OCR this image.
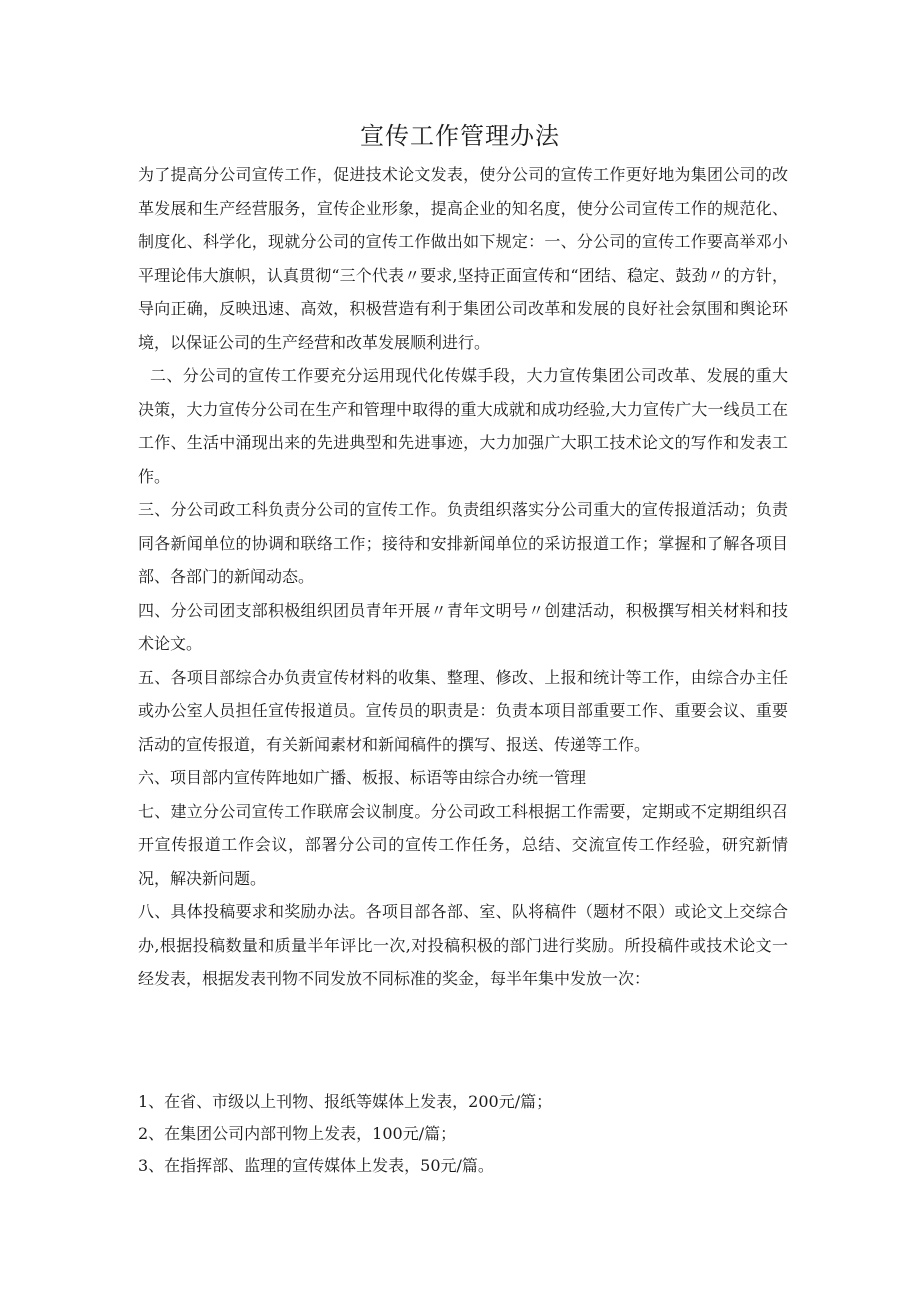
宣传工作管理办法

为了提高分公司宣传工作，促进技术论文发表，使分公司的宣传工作更好地为集团公司的改革发展和生产经营服务，宣传企业形象，提高企业的知名度，使分公司宣传工作的规范化、制度化、科学化，现就分公司的宣传工作做出如下规定：一、分公司的宣传工作要高举邓小平理论伟大旗帜，认真贯彻“三个代表〃要求,坚持正面宣传和“团结、稳定、鼓劲〃的方针，导向正确，反映迅速、高效，积极营造有利于集团公司改革和发展的良好社会氛围和舆论环境，以保证公司的生产经营和改革发展顺利进行。

二、分公司的宣传工作要充分运用现代化传媒手段，大力宣传集团公司改革、发展的重大决策，大力宣传分公司在生产和管理中取得的重大成就和成功经验,大力宣传广大一线员工在工作、生活中涌现出来的先进典型和先进事迹，大力加强广大职工技术论文的写作和发表工作。

三、分公司政工科负责分公司的宣传工作。负责组织落实分公司重大的宣传报道活动；负责同各新闻单位的协调和联络工作；接待和安排新闻单位的采访报道工作；掌握和了解各项目部、各部门的新闻动态。

四、分公司团支部积极组织团员青年开展〃青年文明号〃创建活动，积极撰写相关材料和技术论文。

五、各项目部综合办负责宣传材料的收集、整理、修改、上报和统计等工作，由综合办主任或办公室人员担任宣传报道员。宣传员的职责是：负责本项目部重要工作、重要会议、重要活动的宣传报道，有关新闻素材和新闻稿件的撰写、报送、传递等工作。

六、项目部内宣传阵地如广播、板报、标语等由综合办统一管理

七、建立分公司宣传工作联席会议制度。分公司政工科根据工作需要，定期或不定期组织召开宣传报道工作会议，部署分公司的宣传工作任务，总结、交流宣传工作经验，研究新情况，解决新问题。

八、具体投稿要求和奖励办法。各项目部各部、室、队将稿件（题材不限）或论文上交综合办,根据投稿数量和质量半年评比一次,对投稿积极的部门进行奖励。所投稿件或技术论文一经发表，根据发表刊物不同发放不同标准的奖金，每半年集中发放一次：

1、在省、市级以上刊物、报纸等媒体上发表，200元/篇；

2、在集团公司内部刊物上发表，100元/篇；

3、在指挥部、监理的宣传媒体上发表，50元/篇。
